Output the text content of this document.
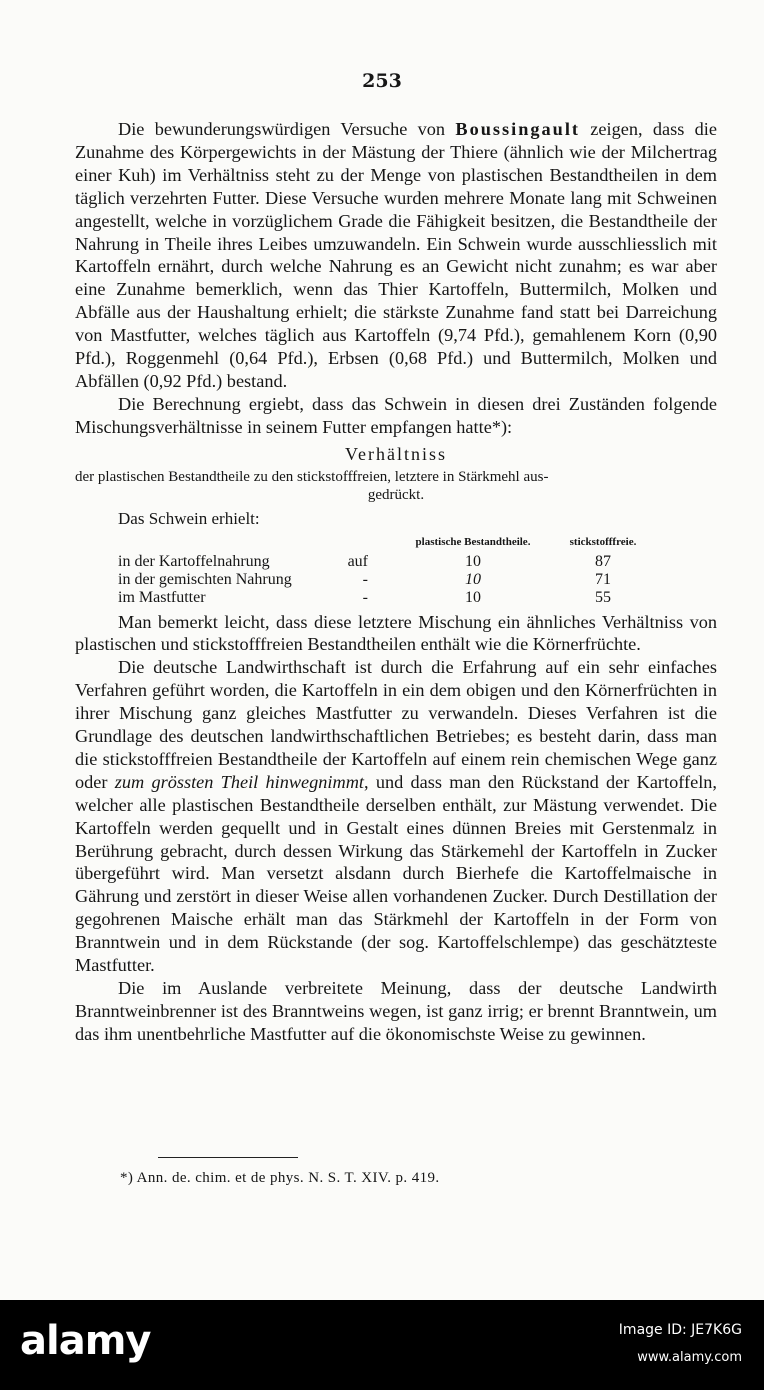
253

Die bewunderungswürdigen Versuche von Boussingault zeigen, dass die Zunahme des Körpergewichts in der Mästung der Thiere (ähnlich wie der Milchertrag einer Kuh) im Verhältniss steht zu der Menge von plastischen Bestandtheilen in dem täglich verzehrten Futter. Diese Versuche wurden mehrere Monate lang mit Schweinen angestellt, welche in vorzüglichem Grade die Fähigkeit besitzen, die Bestandtheile der Nahrung in Theile ihres Leibes umzuwandeln. Ein Schwein wurde ausschliesslich mit Kartoffeln ernährt, durch welche Nahrung es an Gewicht nicht zunahm; es war aber eine Zunahme bemerklich, wenn das Thier Kartoffeln, Buttermilch, Molken und Abfälle aus der Haushaltung erhielt; die stärkste Zunahme fand statt bei Darreichung von Mastfutter, welches täglich aus Kartoffeln (9,74 Pfd.), gemahlenem Korn (0,90 Pfd.), Roggenmehl (0,64 Pfd.), Erbsen (0,68 Pfd.) und Buttermilch, Molken und Abfällen (0,92 Pfd.) bestand.

Die Berechnung ergiebt, dass das Schwein in diesen drei Zuständen folgende Mischungsverhältnisse in seinem Futter empfangen hatte*):

Verhältniss
der plastischen Bestandtheile zu den stickstofffreien, letztere in Stärkmehl aus-
gedrückt.
Das Schwein erhielt:
	plastische Bestandtheile.	stickstofffreie.
in der Kartoffelnahrung auf	10	87
in der gemischten Nahrung -	10	71
im Mastfutter -	10	55

Man bemerkt leicht, dass diese letztere Mischung ein ähnliches Verhältniss von plastischen und stickstofffreien Bestandtheilen enthält wie die Körnerfrüchte.

Die deutsche Landwirthschaft ist durch die Erfahrung auf ein sehr einfaches Verfahren geführt worden, die Kartoffeln in ein dem obigen und den Körnerfrüchten in ihrer Mischung ganz gleiches Mastfutter zu verwandeln. Dieses Verfahren ist die Grundlage des deutschen landwirthschaftlichen Betriebes; es besteht darin, dass man die stickstofffreien Bestandtheile der Kartoffeln auf einem rein chemischen Wege ganz oder zum grössten Theil hinwegnimmt, und dass man den Rückstand der Kartoffeln, welcher alle plastischen Bestandtheile derselben enthält, zur Mästung verwendet. Die Kartoffeln werden gequellt und in Gestalt eines dünnen Breies mit Gerstenmalz in Berührung gebracht, durch dessen Wirkung das Stärkemehl der Kartoffeln in Zucker übergeführt wird. Man versetzt alsdann durch Bierhefe die Kartoffelmaische in Gährung und zerstört in dieser Weise allen vorhandenen Zucker. Durch Destillation der gegohrenen Maische erhält man das Stärkmehl der Kartoffeln in der Form von Branntwein und in dem Rückstande (der sog. Kartoffelschlempe) das geschätzteste Mastfutter.

Die im Auslande verbreitete Meinung, dass der deutsche Landwirth Branntweinbrenner ist des Branntweins wegen, ist ganz irrig; er brennt Branntwein, um das ihm unentbehrliche Mastfutter auf die ökonomischste Weise zu gewinnen.

*) Ann. de. chim. et de phys. N. S. T. XIV. p. 419.
alamy	Image ID: JE7K6G
www.alamy.com
